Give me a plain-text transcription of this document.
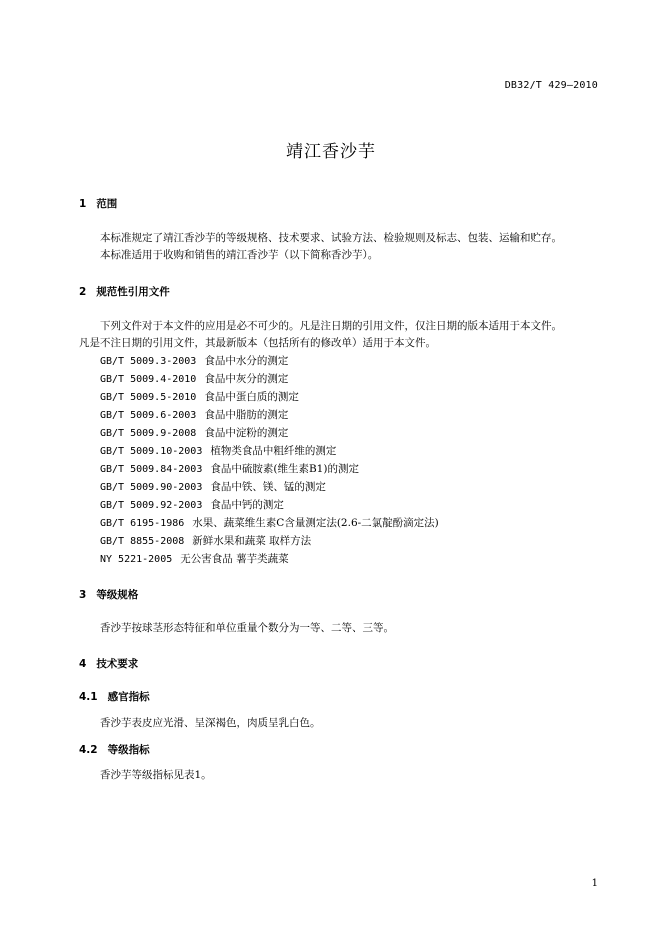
DB32/T 429—2010
靖江香沙芋
1 范围
本标准规定了靖江香沙芋的等级规格、技术要求、试验方法、检验规则及标志、包装、运输和贮存。
本标准适用于收购和销售的靖江香沙芋（以下简称香沙芋）。
2 规范性引用文件
下列文件对于本文件的应用是必不可少的。凡是注日期的引用文件，仅注日期的版本适用于本文件。
凡是不注日期的引用文件，其最新版本（包括所有的修改单）适用于本文件。
GB/T 5009.3-2003 食品中水分的测定
GB/T 5009.4-2010 食品中灰分的测定
GB/T 5009.5-2010 食品中蛋白质的测定
GB/T 5009.6-2003 食品中脂肪的测定
GB/T 5009.9-2008 食品中淀粉的测定
GB/T 5009.10-2003 植物类食品中粗纤维的测定
GB/T 5009.84-2003 食品中硫胺素(维生素B1)的测定
GB/T 5009.90-2003 食品中铁、镁、锰的测定
GB/T 5009.92-2003 食品中钙的测定
GB/T 6195-1986 水果、蔬菜维生素C含量测定法(2.6-二氯靛酚滴定法)
GB/T 8855-2008 新鲜水果和蔬菜 取样方法
NY 5221-2005 无公害食品 薯芋类蔬菜
3 等级规格
香沙芋按球茎形态特征和单位重量个数分为一等、二等、三等。
4 技术要求
4.1 感官指标
香沙芋表皮应光滑、呈深褐色，肉质呈乳白色。
4.2 等级指标
香沙芋等级指标见表1。
1
